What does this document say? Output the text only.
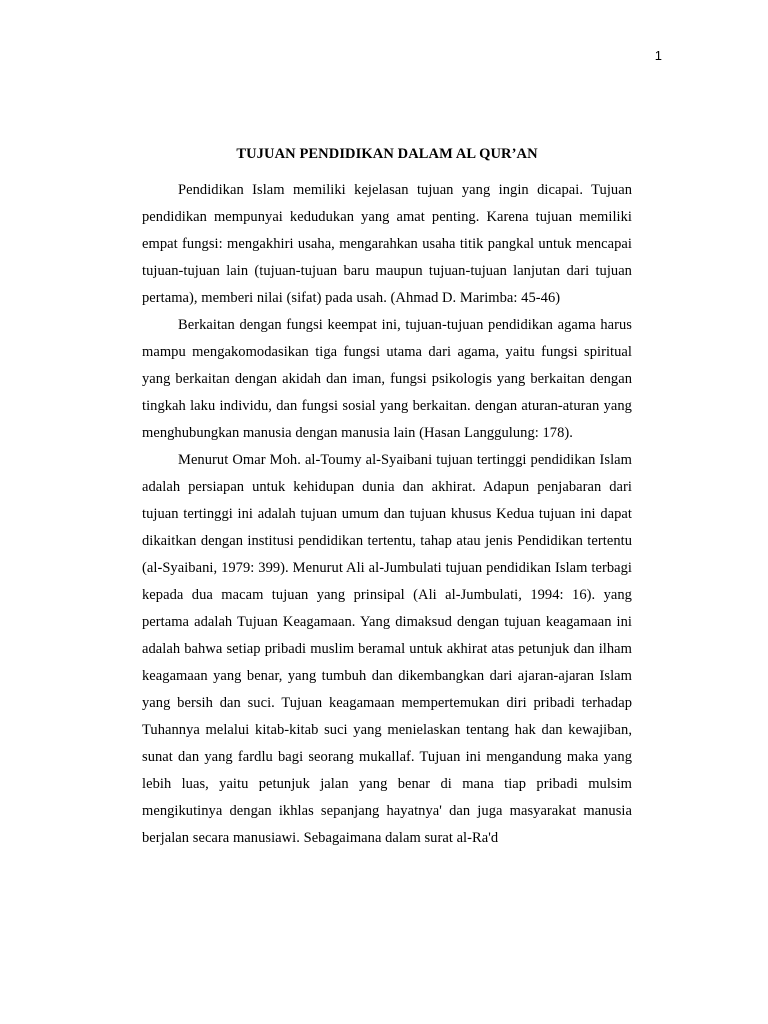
1
TUJUAN PENDIDIKAN DALAM AL QUR’AN

Pendidikan Islam memiliki kejelasan tujuan yang ingin dicapai. Tujuan pendidikan mempunyai kedudukan yang amat penting. Karena tujuan memiliki empat fungsi: mengakhiri usaha, mengarahkan usaha titik pangkal untuk mencapai tujuan-tujuan lain (tujuan-tujuan baru maupun tujuan-tujuan lanjutan dari tujuan pertama), memberi nilai (sifat) pada usah. (Ahmad D. Marimba: 45-46)

Berkaitan dengan fungsi keempat ini, tujuan-tujuan pendidikan agama harus mampu mengakomodasikan tiga fungsi utama dari agama, yaitu fungsi spiritual yang berkaitan dengan akidah dan iman, fungsi psikologis yang berkaitan dengan tingkah laku individu, dan fungsi sosial yang berkaitan. dengan aturan-aturan yang menghubungkan manusia dengan manusia lain (Hasan Langgulung: 178).

Menurut Omar Moh. al-Toumy al-Syaibani tujuan tertinggi pendidikan Islam adalah persiapan untuk kehidupan dunia dan akhirat. Adapun penjabaran dari tujuan tertinggi ini adalah tujuan umum dan tujuan khusus Kedua tujuan ini dapat dikaitkan dengan institusi pendidikan tertentu, tahap atau jenis Pendidikan tertentu (al-Syaibani, 1979: 399). Menurut Ali al-Jumbulati tujuan pendidikan Islam terbagi kepada dua macam tujuan yang prinsipal (Ali al-Jumbulati, 1994: 16). yang pertama adalah Tujuan Keagamaan. Yang dimaksud dengan tujuan keagamaan ini adalah bahwa setiap pribadi muslim beramal untuk akhirat atas petunjuk dan ilham keagamaan yang benar, yang tumbuh dan dikembangkan dari ajaran-ajaran Islam yang bersih dan suci. Tujuan keagamaan mempertemukan diri pribadi terhadap Tuhannya melalui kitab-kitab suci yang menielaskan tentang hak dan kewajiban, sunat dan yang fardlu bagi seorang mukallaf. Tujuan ini mengandung maka yang lebih luas, yaitu petunjuk jalan yang benar di mana tiap pribadi mulsim mengikutinya dengan ikhlas sepanjang hayatnya' dan juga masyarakat manusia berjalan secara manusiawi. Sebagaimana dalam surat al-Ra'd
